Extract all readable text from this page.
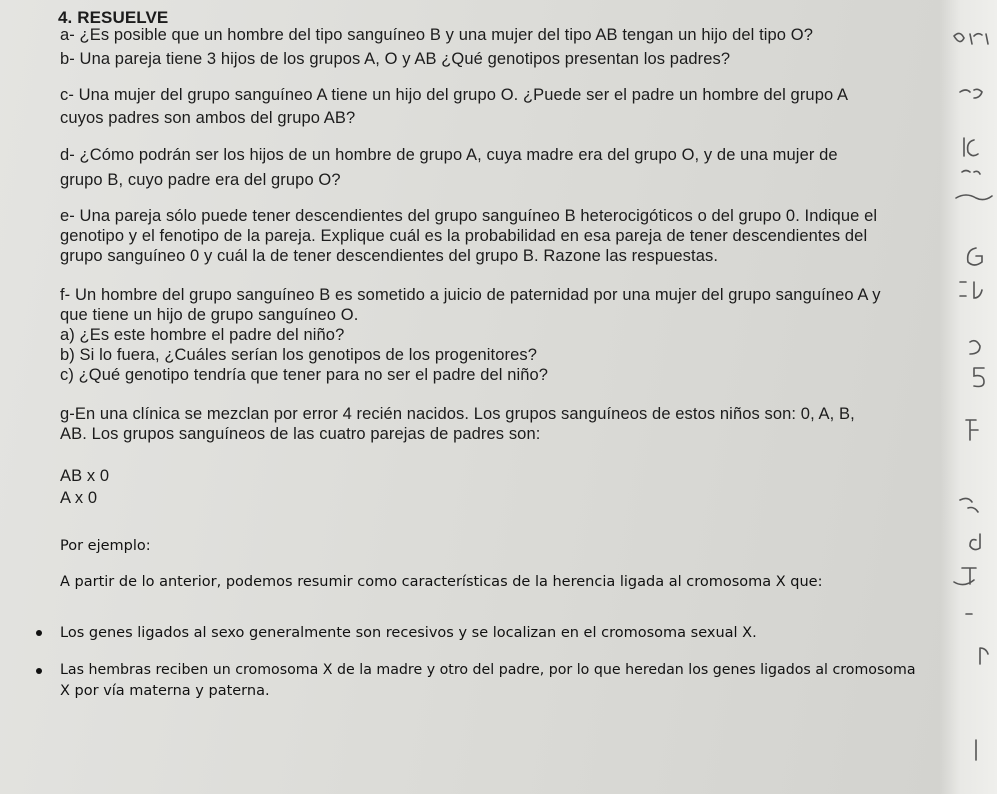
4. RESUELVE
a- ¿Es posible que un hombre del tipo sanguíneo B y una mujer del tipo AB tengan un hijo del tipo O?
b- Una pareja tiene 3 hijos de los grupos A, O y AB ¿Qué genotipos presentan los padres?
c- Una mujer del grupo sanguíneo A tiene un hijo del grupo O. ¿Puede ser el padre un hombre del grupo A
cuyos padres son ambos del grupo AB?
d- ¿Cómo podrán ser los hijos de un hombre de grupo A, cuya madre era del grupo O, y de una mujer de
grupo B, cuyo padre era del grupo O?
e- Una pareja sólo puede tener descendientes del grupo sanguíneo B heterocigóticos o del grupo 0. Indique el
genotipo y el fenotipo de la pareja. Explique cuál es la probabilidad en esa pareja de tener descendientes del
grupo sanguíneo 0 y cuál la de tener descendientes del grupo B. Razone las respuestas.
f- Un hombre del grupo sanguíneo B es sometido a juicio de paternidad por una mujer del grupo sanguíneo A y
que tiene un hijo de grupo sanguíneo O.
a) ¿Es este hombre el padre del niño?
b) Si lo fuera, ¿Cuáles serían los genotipos de los progenitores?
c) ¿Qué genotipo tendría que tener para no ser el padre del niño?
g-En una clínica se mezclan por error 4 recién nacidos. Los grupos sanguíneos de estos niños son: 0, A, B,
AB. Los grupos sanguíneos de las cuatro parejas de padres son:
AB x 0
A x 0
Por ejemplo:
A partir de lo anterior, podemos resumir como características de la herencia ligada al cromosoma X que:
Los genes ligados al sexo generalmente son recesivos y se localizan en el cromosoma sexual X.
Las hembras reciben un cromosoma X de la madre y otro del padre, por lo que heredan los genes ligados al cromosoma
X por vía materna y paterna.
